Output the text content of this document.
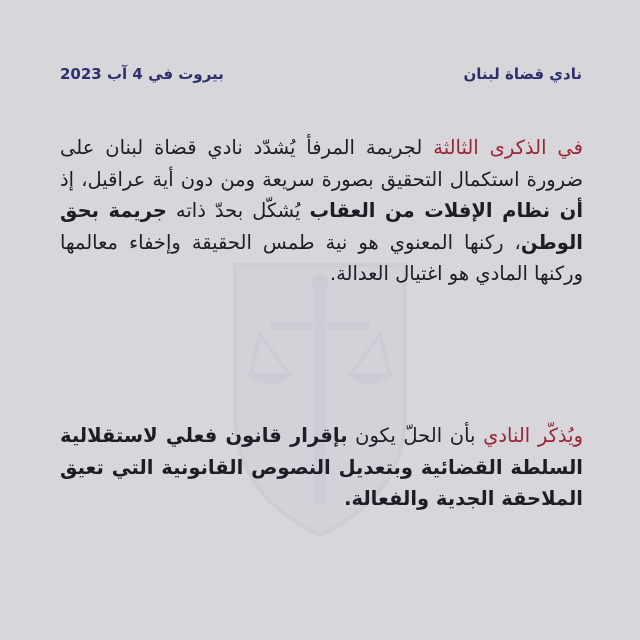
نادي قضاة لبنان
بيروت في 4 آب 2023
في الذكرى الثالثة لجريمة المرفأ يُشدّد نادي قضاة لبنان على ضرورة استكمال التحقيق بصورة سريعة ومن دون أية عراقيل، إذ أن نظام الإفلات من العقاب يُشكّل بحدّ ذاته جريمة بحق الوطن، ركنها المعنوي هو نية طمس الحقيقة وإخفاء معالمها وركنها المادي هو اغتيال العدالة.
ويُذكّر النادي بأن الحلّ يكون بإقرار قانون فعلي لاستقلالية السلطة القضائية وبتعديل النصوص القانونية التي تعيق الملاحقة الجدية والفعالة.
